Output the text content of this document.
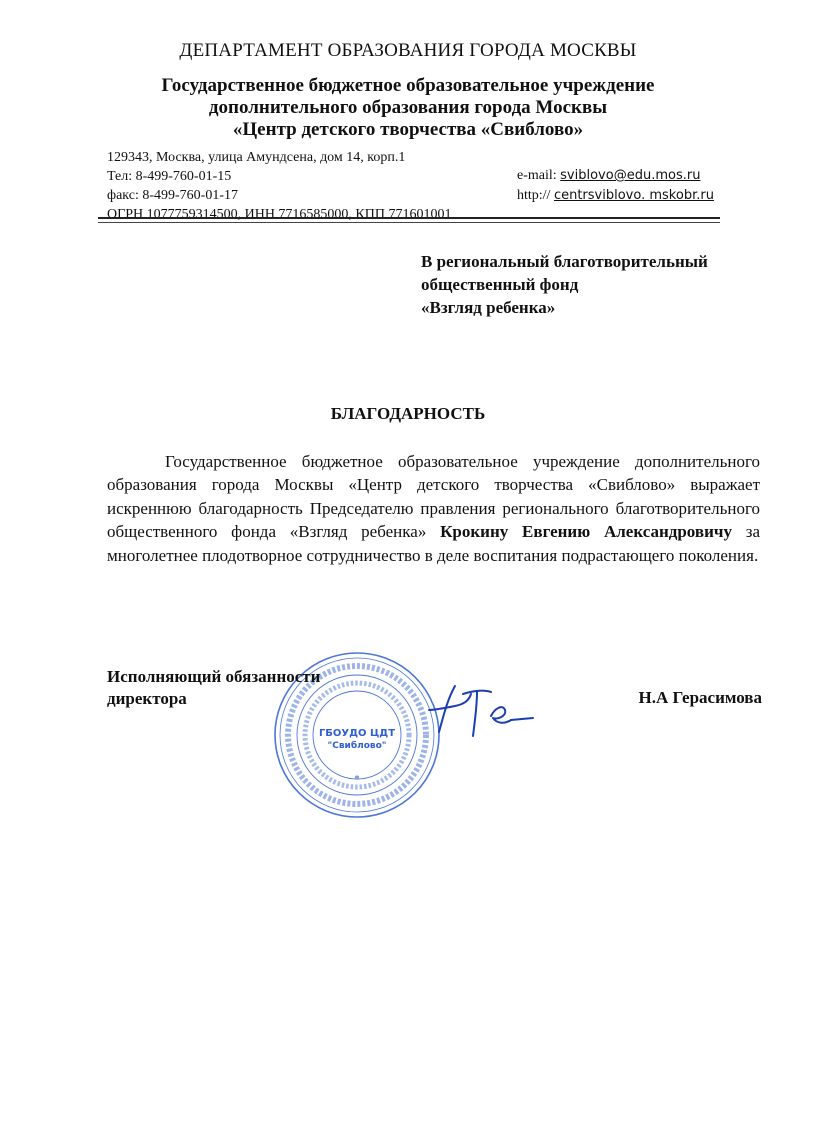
ДЕПАРТАМЕНТ ОБРАЗОВАНИЯ ГОРОДА МОСКВЫ
Государственное бюджетное образовательное учреждение
дополнительного образования города Москвы
«Центр детского творчества «Свиблово»
129343, Москва, улица Амундсена, дом 14, корп.1
Тел: 8-499-760-01-15
факс: 8-499-760-01-17
ОГРН 1077759314500, ИНН 7716585000, КПП 771601001
e-mail: sviblovo@edu.mos.ru
http:// centrsviblovo. mskobr.ru
В региональный благотворительный
общественный фонд
«Взгляд ребенка»
БЛАГОДАРНОСТЬ
Государственное бюджетное образовательное учреждение дополнительного образования города Москвы «Центр детского творчества «Свиблово» выражает искреннюю благодарность Председателю правления регионального благотворительного общественного фонда «Взгляд ребенка» Крокину Евгению Александровичу за многолетнее плодотворное сотрудничество в деле воспитания подрастающего поколения.
ГБОУДО ЦДТ
"Свиблово"
*
Исполняющий обязанности
директора	Н.А Герасимова
